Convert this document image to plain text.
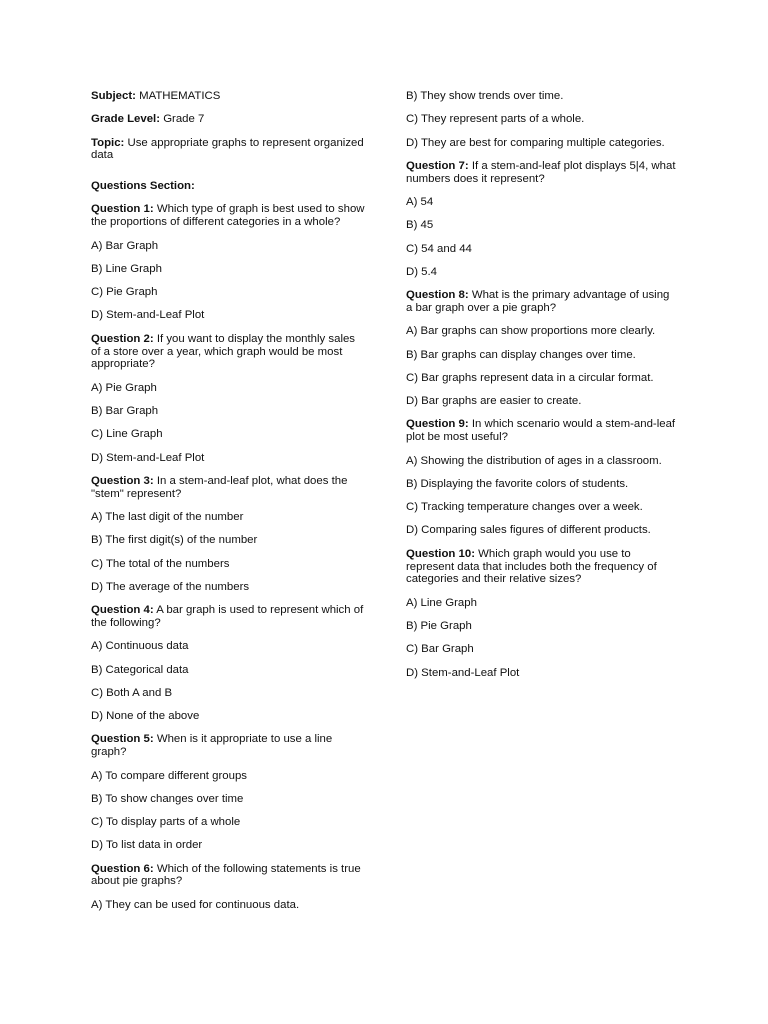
Subject: MATHEMATICS
Grade Level: Grade 7
Topic: Use appropriate graphs to represent organized data
Questions Section:
Question 1: Which type of graph is best used to show the proportions of different categories in a whole?
A) Bar Graph
B) Line Graph
C) Pie Graph
D) Stem-and-Leaf Plot
Question 2: If you want to display the monthly sales of a store over a year, which graph would be most appropriate?
A) Pie Graph
B) Bar Graph
C) Line Graph
D) Stem-and-Leaf Plot
Question 3: In a stem-and-leaf plot, what does the "stem" represent?
A) The last digit of the number
B) The first digit(s) of the number
C) The total of the numbers
D) The average of the numbers
Question 4: A bar graph is used to represent which of the following?
A) Continuous data
B) Categorical data
C) Both A and B
D) None of the above
Question 5: When is it appropriate to use a line graph?
A) To compare different groups
B) To show changes over time
C) To display parts of a whole
D) To list data in order
Question 6: Which of the following statements is true about pie graphs?
A) They can be used for continuous data.
B) They show trends over time.
C) They represent parts of a whole.
D) They are best for comparing multiple categories.
Question 7: If a stem-and-leaf plot displays 5|4, what numbers does it represent?
A) 54
B) 45
C) 54 and 44
D) 5.4
Question 8: What is the primary advantage of using a bar graph over a pie graph?
A) Bar graphs can show proportions more clearly.
B) Bar graphs can display changes over time.
C) Bar graphs represent data in a circular format.
D) Bar graphs are easier to create.
Question 9: In which scenario would a stem-and-leaf plot be most useful?
A) Showing the distribution of ages in a classroom.
B) Displaying the favorite colors of students.
C) Tracking temperature changes over a week.
D) Comparing sales figures of different products.
Question 10: Which graph would you use to represent data that includes both the frequency of categories and their relative sizes?
A) Line Graph
B) Pie Graph
C) Bar Graph
D) Stem-and-Leaf Plot
